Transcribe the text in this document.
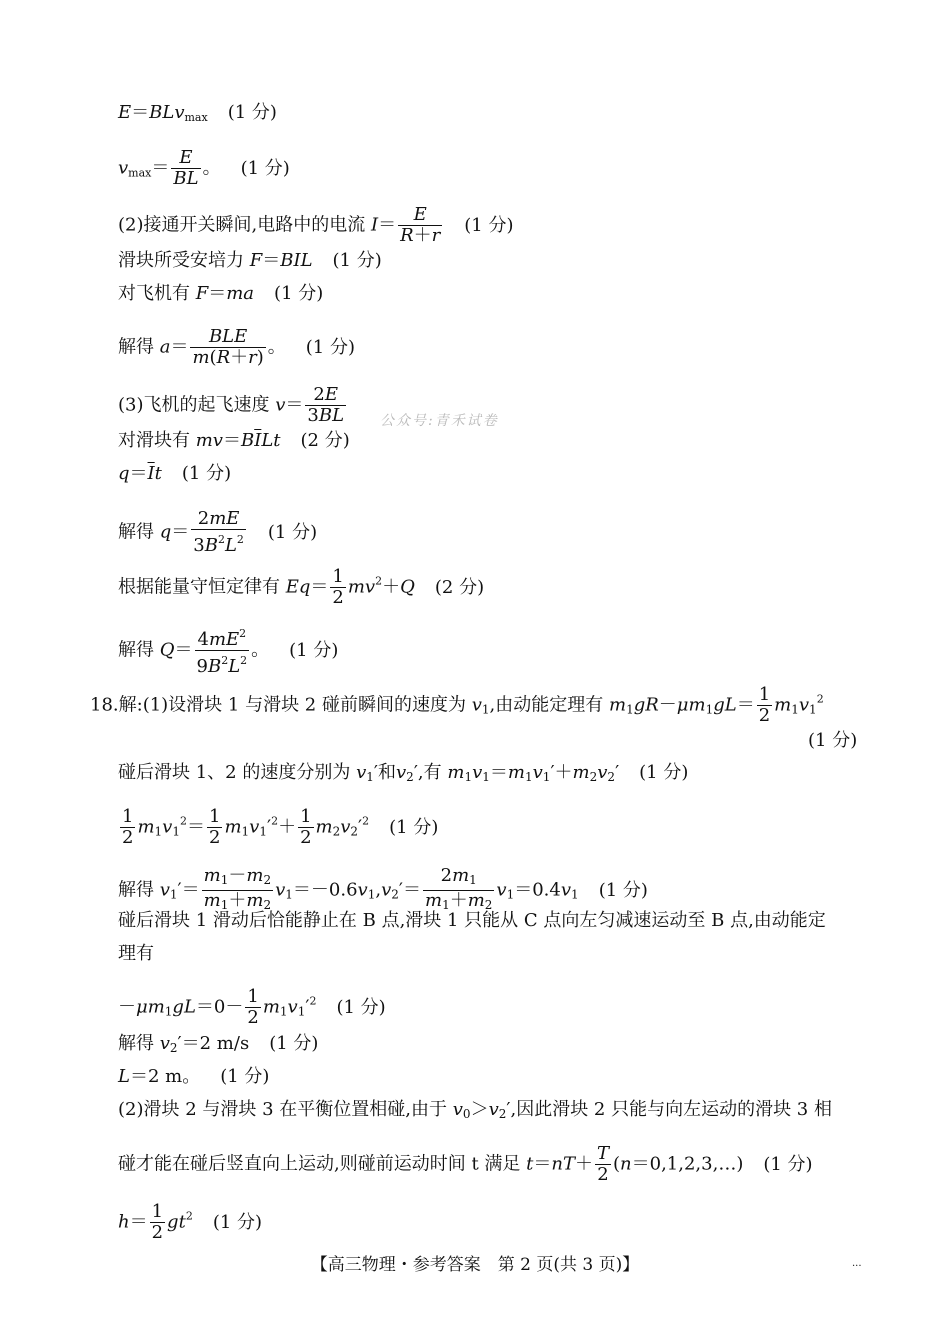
E＝BLv$_{max}$ (1 分)
$v_{max}= \frac{E}{BL}$ 。 (1 分)
(2)接通开关瞬间,电路中的电流 $I= \frac{E}{R+r} (1$ 分)
滑块所受安培力 F＝BIL (1 分)
对飞机有 F＝ma (1 分)
解得 $a= \frac{\text{BLE}}{m(R+r)}$ 。 (1 分)
(3)飞机的起飞速度 $v= \frac{2E}{3BL}$ 公众号:青禾试卷
对滑块有 $mv=B\overline{I}Lt$ (2 分)
$q=\overline{I}t$ (1 分)
解得 $q= \frac{2mE}{3B^2L^2} (1$ 分)
根据能量守恒定律有 $Eq= \frac{1}{2} mv^2+Q$ (2 分)
解得 $Q= \frac{4mE^2}{9B^2L^2}$ 。 (1 分)
18.解:(1)设滑块 1 与滑块 2 碰前瞬间的速度为 v1,由动能定理有 $m1gR-\mu m1gL= \frac{1}{2} m1v1^2$
(1 分)
碰后滑块 1、2 的速度分别为 v1′和v2′,有 m1v1＝m1v1′＋m2v2′ (1 分)
$\frac{1}{2} m1v1^2= \frac{1}{2} m1v1'^2+ \frac{1}{2} m2v2'^2$ (1 分)
解得 $v1'= \frac{m1-m2}{m1+m2} v1=-0.6v1,v2'= \frac{2m1}{m1+m2} v1=0.4v1$ (1 分)
碰后滑块 1 滑动后恰能静止在 B 点,滑块 1 只能从 C 点向左匀减速运动至 B 点,由动能定
理有
$-\mu m1gL=0- \frac{1}{2} m1v1'^2$ (1 分)
解得 v2′＝2 m/s (1 分)
L＝2 m。 (1 分)
(2)滑块 2 与滑块 3 在平衡位置相碰,由于 v0＞v2′,因此滑块 2 只能与向左运动的滑块 3 相
碰才能在碰后竖直向上运动,则碰前运动时间 t 满足 $t=nT+ \frac{T}{2}$ (n＝0,1,2,3,…) (1 分)
$h= \frac{1}{2} gt^2$ (1 分)
【高三物理・参考答案　第 2 页(共 3 页)】	...
